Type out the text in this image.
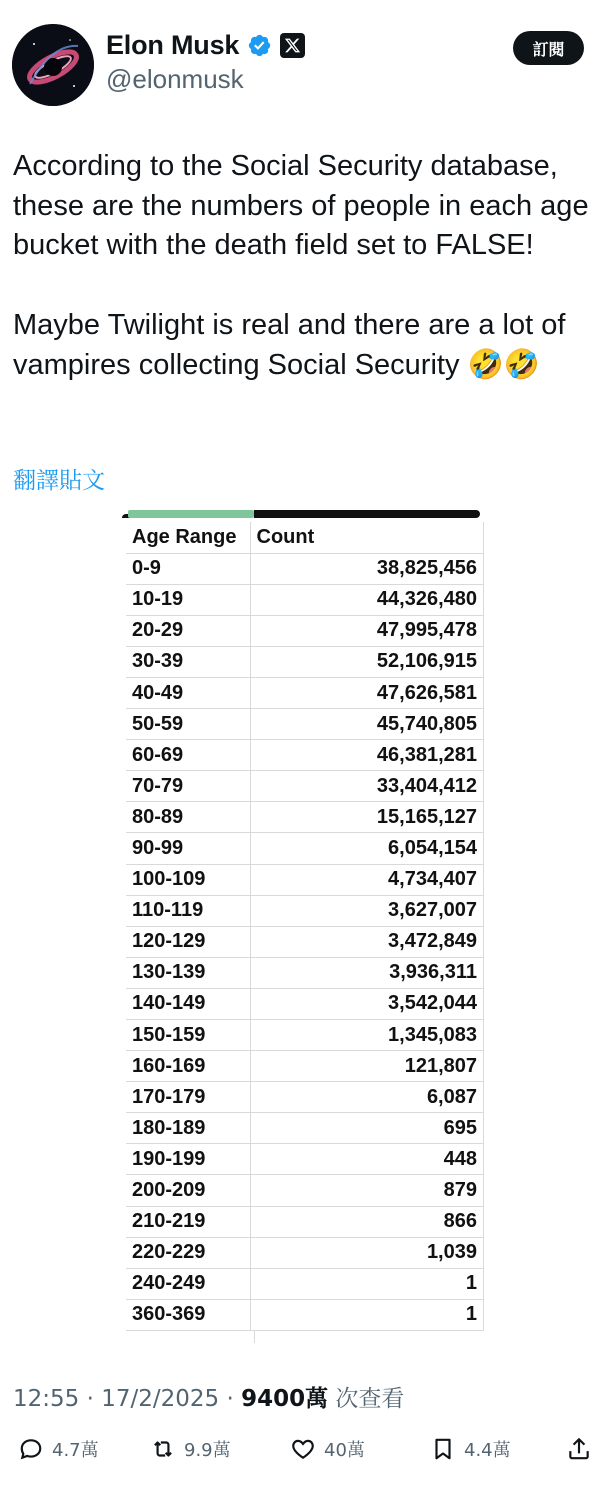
Elon Musk
@elonmusk
訂閱

According to the Social Security database, these are the numbers of people in each age bucket with the death field set to FALSE!

Maybe Twilight is real and there are a lot of vampires collecting Social Security 🤣🤣

翻譯貼文
Age Range	Count
0-9	38,825,456
10-19	44,326,480
20-29	47,995,478
30-39	52,106,915
40-49	47,626,581
50-59	45,740,805
60-69	46,381,281
70-79	33,404,412
80-89	15,165,127
90-99	6,054,154
100-109	4,734,407
110-119	3,627,007
120-129	3,472,849
130-139	3,936,311
140-149	3,542,044
150-159	1,345,083
160-169	121,807
170-179	6,087
180-189	695
190-199	448
200-209	879
210-219	866
220-229	1,039
240-249	1
360-369	1
12:55 · 17/2/2025 · 9400萬 次查看
4.7萬	9.9萬	40萬	4.4萬
